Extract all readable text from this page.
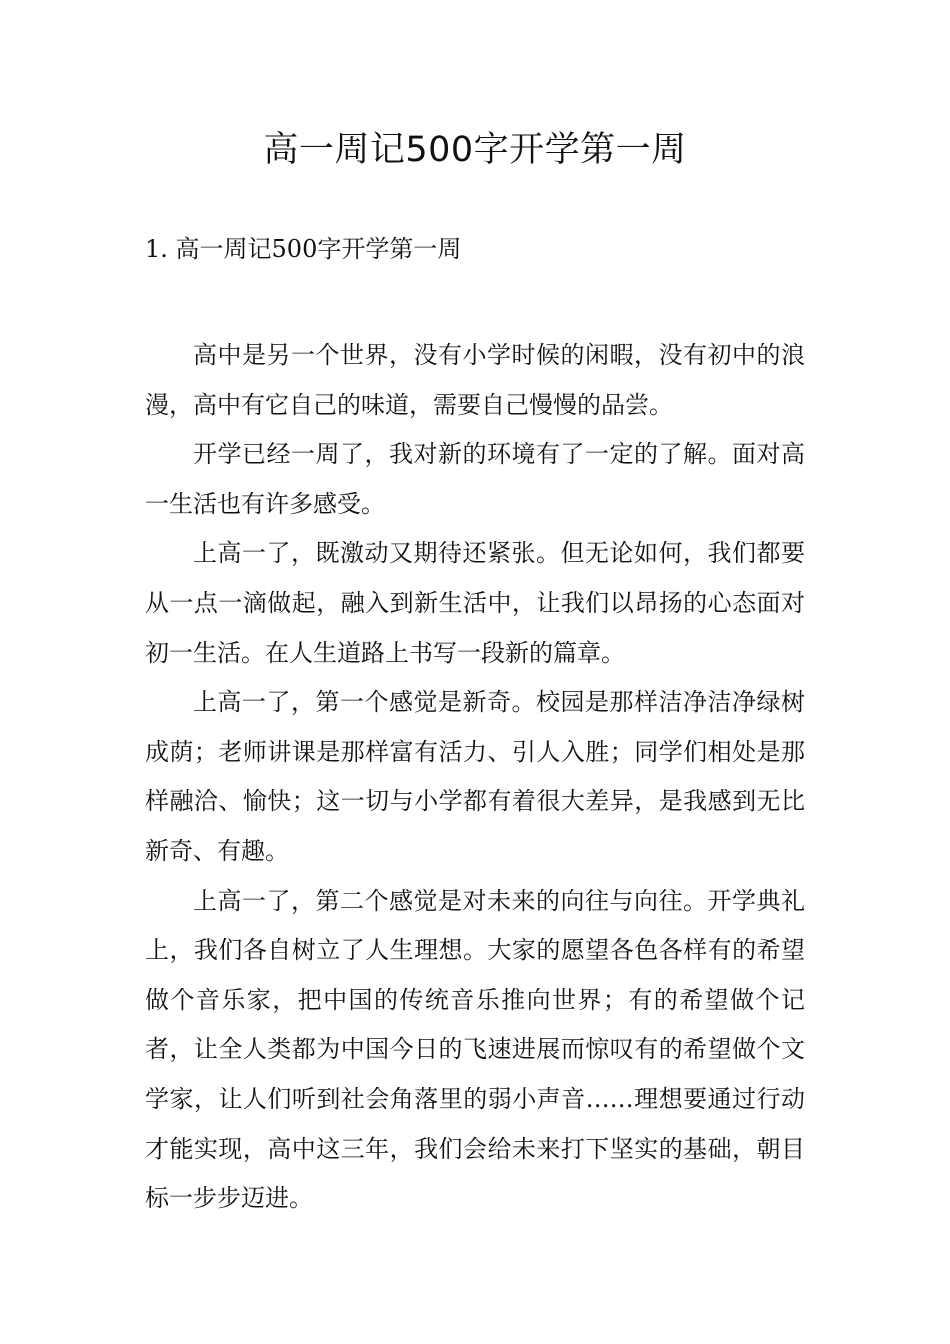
高一周记500字开学第一周
1. 高一周记500字开学第一周

高中是另一个世界，没有小学时候的闲暇，没有初中的浪漫，高中有它自己的味道，需要自己慢慢的品尝。

开学已经一周了，我对新的环境有了一定的了解。面对高一生活也有许多感受。

上高一了，既激动又期待还紧张。但无论如何，我们都要从一点一滴做起，融入到新生活中，让我们以昂扬的心态面对初一生活。在人生道路上书写一段新的篇章。

上高一了，第一个感觉是新奇。校园是那样洁净洁净绿树成荫；老师讲课是那样富有活力、引人入胜；同学们相处是那样融洽、愉快；这一切与小学都有着很大差异，是我感到无比新奇、有趣。

上高一了，第二个感觉是对未来的向往与向往。开学典礼上，我们各自树立了人生理想。大家的愿望各色各样有的希望做个音乐家，把中国的传统音乐推向世界；有的希望做个记者，让全人类都为中国今日的飞速进展而惊叹有的希望做个文学家，让人们听到社会角落里的弱小声音……理想要通过行动才能实现，高中这三年，我们会给未来打下坚实的基础，朝目标一步步迈进。
